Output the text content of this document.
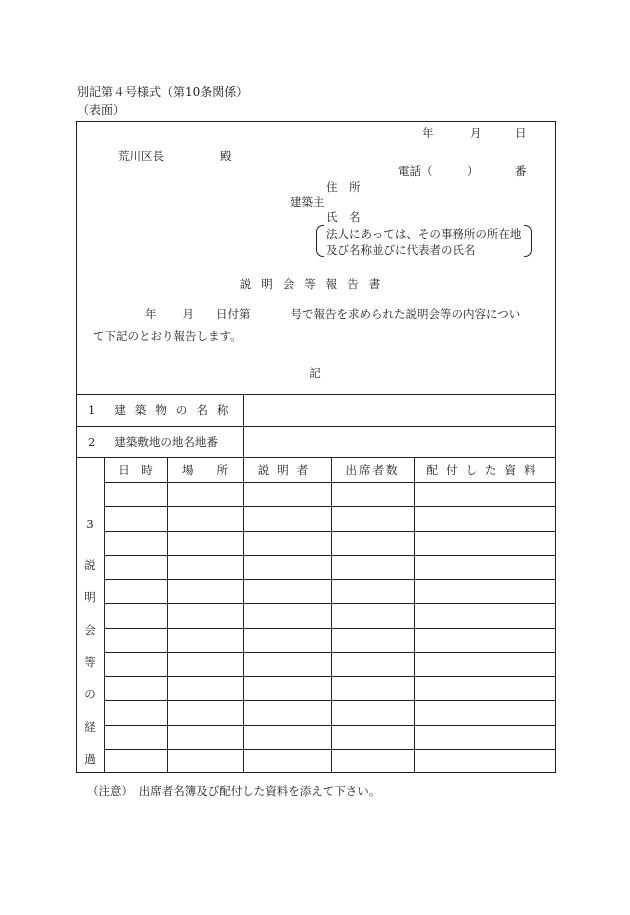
別記第４号様式（第10条関係）
（表面）
年	月	日
荒川区長	殿
電話（　　　）	番
住　所
建築主
氏　名
法人にあっては、その事務所の所在地
及び名称並びに代表者の氏名
説明会等報告書
年 月 日付第	号で報告を求められた説明会等の内容につい
て下記のとおり報告します。
記
1 建築物の名称
2 建築敷地の地名地番
日　時	場　　所	説明者	出席者数	配付した資料
3
説
明
会
等
の
経
過
（注意）　出席者名簿及び配付した資料を添えて下さい。
